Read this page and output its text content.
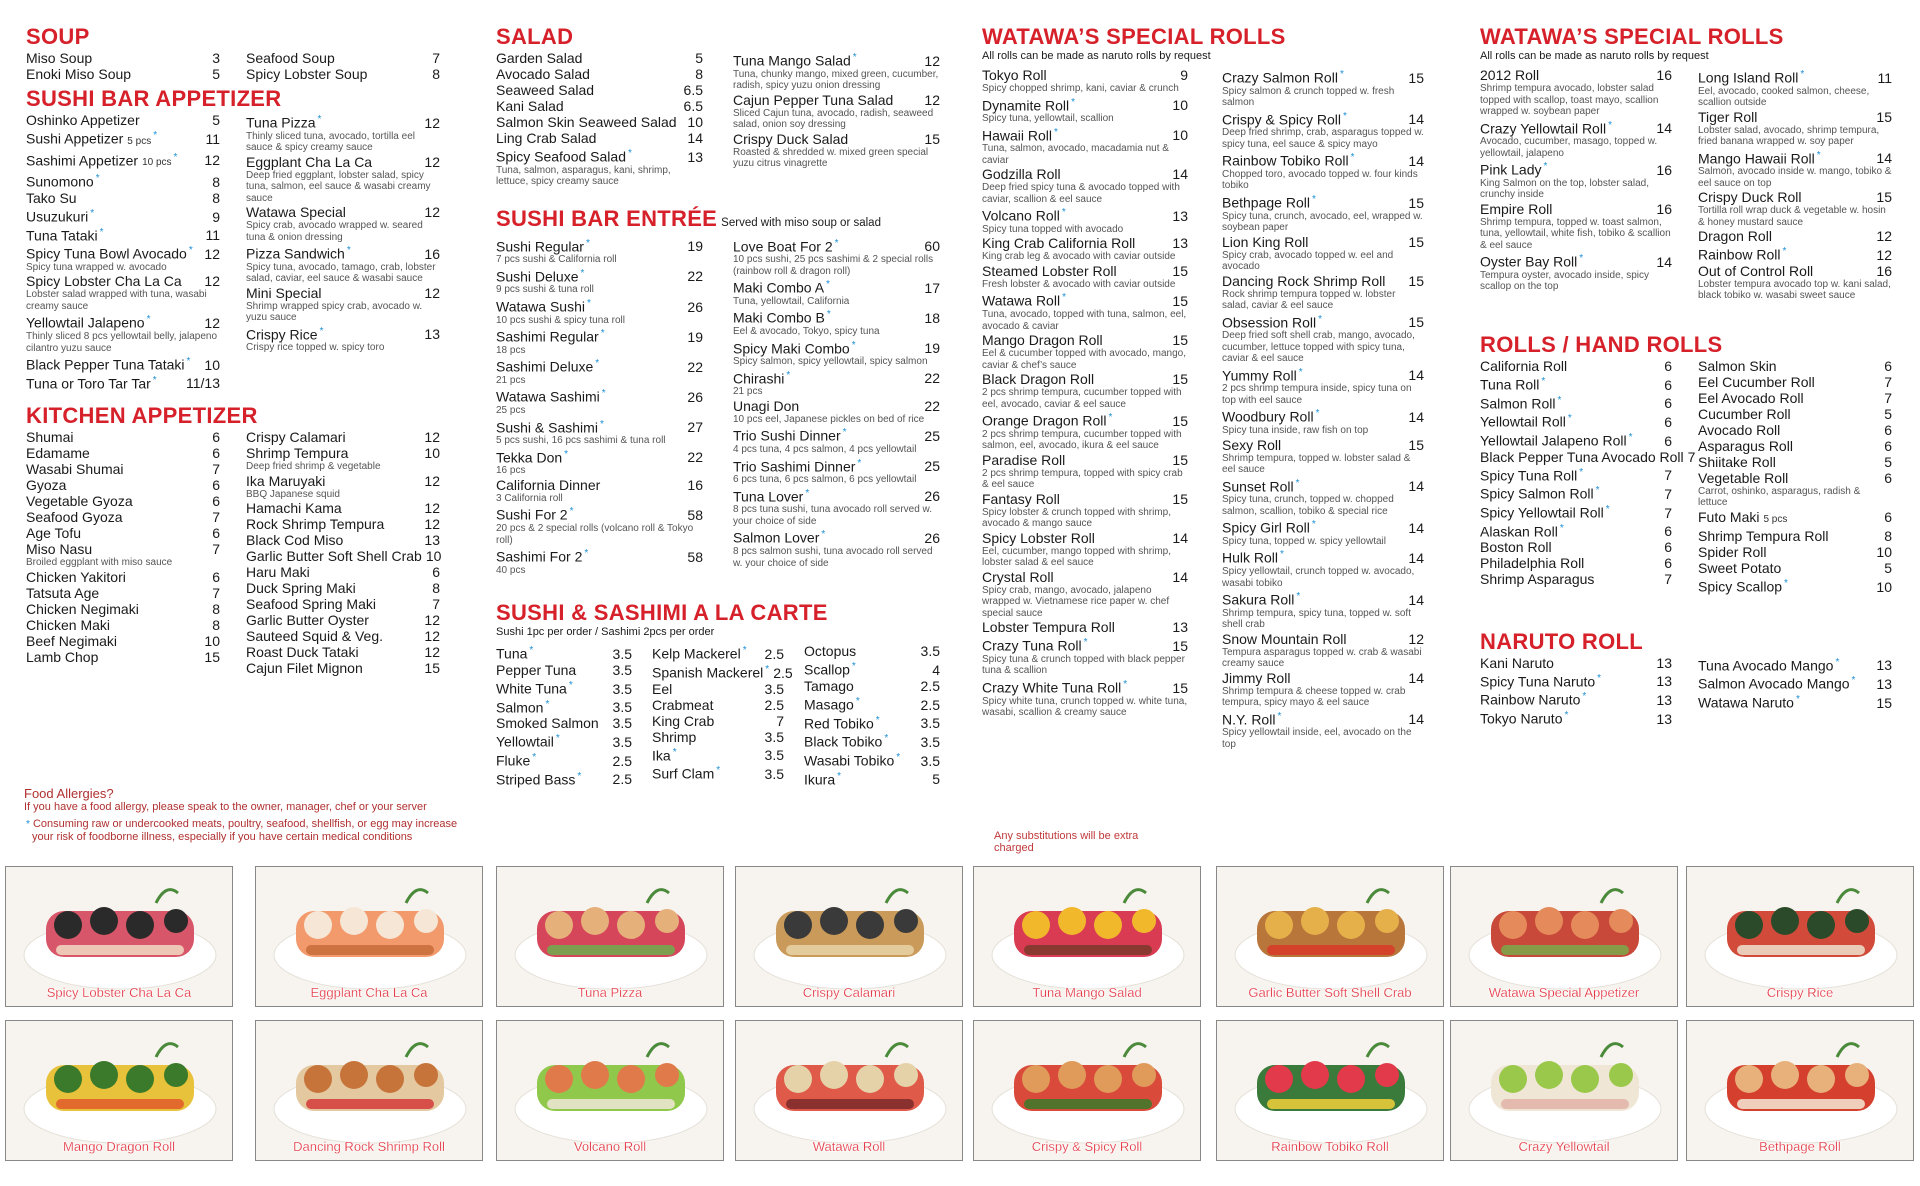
SOUP
Miso Soup	3
Enoki Miso Soup	5
Seafood Soup	7
Spicy Lobster Soup	8
SUSHI BAR APPETIZER
Oshinko Appetizer	5
Sushi Appetizer 5 pcs*	11
Sashimi Appetizer 10 pcs* 12
Sunomono *	8
Tako Su	8
Usuzukuri *	9
Tuna Tataki *	11
Spicy Tuna Bowl Avocado * 12
Spicy tuna wrapped w. avocado
Spicy Lobster Cha La Ca 12
Lobster salad wrapped with tuna, wasabi creamy sauce
Yellowtail Jalapeno *	12
Thinly sliced 8 pcs yellowtail belly, jalapeno cilantro yuzu sauce
Black Pepper Tuna Tataki * 10
Tuna or Toro Tar Tar * 11/13
Tuna Pizza *	12
Thinly sliced tuna, avocado, tortilla eel sauce & spicy creamy sauce
Eggplant Cha La Ca	12
Deep fried eggplant, lobster salad, spicy tuna, salmon, eel sauce & wasabi creamy sauce
Watawa Special	12
Spicy crab, avocado wrapped w. seared tuna & onion dressing
Pizza Sandwich *	16
Spicy tuna, avocado, tamago, crab, lobster salad, caviar, eel sauce & wasabi sauce
Mini Special	12
Shrimp wrapped spicy crab, avocado w. yuzu sauce
Crispy Rice *	13
Crispy rice topped w. spicy toro
KITCHEN APPETIZER
Shumai	6
Edamame	6
Wasabi Shumai	7
Gyoza	6
Vegetable Gyoza	6
Seafood Gyoza	7
Age Tofu	6
Miso Nasu	7
Broiled eggplant with miso sauce
Chicken Yakitori	6
Tatsuta Age	7
Chicken Negimaki	8
Chicken Maki	8
Beef Negimaki	10
Lamb Chop	15
Crispy Calamari	12
Shrimp Tempura	10
Deep fried shrimp & vegetable
Ika Maruyaki	12
BBQ Japanese squid
Hamachi Kama	12
Rock Shrimp Tempura	12
Black Cod Miso	13
Garlic Butter Soft Shell Crab 10
Haru Maki	6
Duck Spring Maki	8
Seafood Spring Maki	7
Garlic Butter Oyster	12
Sauteed Squid & Veg.	12
Roast Duck Tataki	12
Cajun Filet Mignon	15
Food Allergies?
If you have a food allergy, please speak to the owner, manager, chef or your server
* Consuming raw or undercooked meats, poultry, seafood, shellfish, or egg may increase
your risk of foodborne illness, especially if you have certain medical conditions
SALAD
Garden Salad	5
Avocado Salad	8
Seaweed Salad	6.5
Kani Salad	6.5
Salmon Skin Seaweed Salad 10
Ling Crab Salad	14
Spicy Seafood Salad *	13
Tuna, salmon, asparagus, kani, shrimp, lettuce, spicy creamy sauce
Tuna Mango Salad *	12
Tuna, chunky mango, mixed green, cucumber, radish, spicy yuzu onion dressing
Cajun Pepper Tuna Salad 12
Sliced Cajun tuna, avocado, radish, seaweed salad, onion soy dressing
Crispy Duck Salad	15
Roasted & shredded w. mixed green special yuzu citrus vinagrette
SUSHI BAR ENTRÉE Served with miso soup or salad
Sushi Regular *	19
7 pcs sushi & California roll
Sushi Deluxe *	22
9 pcs sushi & tuna roll
Watawa Sushi *	26
10 pcs sushi & spicy tuna roll
Sashimi Regular *	19
18 pcs
Sashimi Deluxe *	22
21 pcs
Watawa Sashimi *	26
25 pcs
Sushi & Sashimi *	27
5 pcs sushi, 16 pcs sashimi & tuna roll
Tekka Don *	22
16 pcs
California Dinner	16
3 California roll
Sushi For 2 *	58
20 pcs & 2 special rolls (volcano roll & Tokyo roll)
Sashimi For 2 *	58
40 pcs
Love Boat For 2 *	60
10 pcs sushi, 25 pcs sashimi & 2 special rolls (rainbow roll & dragon roll)
Maki Combo A *	17
Tuna, yellowtail, California
Maki Combo B *	18
Eel & avocado, Tokyo, spicy tuna
Spicy Maki Combo *	19
Spicy salmon, spicy yellowtail, spicy salmon
Chirashi *	22
21 pcs
Unagi Don	22
10 pcs eel, Japanese pickles on bed of rice
Trio Sushi Dinner *	25
4 pcs tuna, 4 pcs salmon, 4 pcs yellowtail
Trio Sashimi Dinner *	25
6 pcs tuna, 6 pcs salmon, 6 pcs yellowtail
Tuna Lover *	26
8 pcs tuna sushi, tuna avocado roll served w. your choice of side
Salmon Lover *	26
8 pcs salmon sushi, tuna avocado roll served w. your choice of side
SUSHI & SASHIMI A LA CARTE
Sushi 1pc per order / Sashimi 2pcs per order
Tuna *	3.5
Pepper Tuna	3.5
White Tuna *	3.5
Salmon *	3.5
Smoked Salmon 3.5
Yellowtail *	3.5
Fluke *	2.5
Striped Bass * 2.5
Kelp Mackerel * 2.5
Spanish Mackerel * 2.5
Eel	3.5
Crabmeat	2.5
King Crab	7
Shrimp	3.5
Ika *	3.5
Surf Clam *	3.5
Octopus	3.5
Scallop *	4
Tamago	2.5
Masago *	2.5
Red Tobiko *	3.5
Black Tobiko * 3.5
Wasabi Tobiko * 3.5
Ikura *	5
WATAWA’S SPECIAL ROLLS
All rolls can be made as naruto rolls by request
Tokyo Roll	9
Spicy chopped shrimp, kani, caviar & crunch
Dynamite Roll *	10
Spicy tuna, yellowtail, scallion
Hawaii Roll *	10
Tuna, salmon, avocado, macadamia nut & caviar
Godzilla Roll	14
Deep fried spicy tuna & avocado topped with caviar, scallion & eel sauce
Volcano Roll *	13
Spicy tuna topped with avocado
King Crab California Roll	13
King crab leg & avocado with caviar outside
Steamed Lobster Roll	15
Fresh lobster & avocado with caviar outside
Watawa Roll *	15
Tuna, avocado, topped with tuna, salmon, eel, avocado & caviar
Mango Dragon Roll	15
Eel & cucumber topped with avocado, mango, caviar & chef’s sauce
Black Dragon Roll	15
2 pcs shrimp tempura, cucumber topped with eel, avocado, caviar & eel sauce
Orange Dragon Roll *	15
2 pcs shrimp tempura, cucumber topped with salmon, eel, avocado, ikura & eel sauce
Paradise Roll	15
2 pcs shrimp tempura, topped with spicy crab & eel sauce
Fantasy Roll	15
Spicy lobster & crunch topped with shrimp, avocado & mango sauce
Spicy Lobster Roll	14
Eel, cucumber, mango topped with shrimp, lobster salad & eel sauce
Crystal Roll	14
Spicy crab, mango, avocado, jalapeno wrapped w. Vietnamese rice paper w. chef special sauce
Lobster Tempura Roll	13
Crazy Tuna Roll *	15
Spicy tuna & crunch topped with black pepper tuna & scallion
Crazy White Tuna Roll *	15
Spicy white tuna, crunch topped w. white tuna, wasabi, scallion & creamy sauce
Crazy Salmon Roll *	15
Spicy salmon & crunch topped w. fresh salmon
Crispy & Spicy Roll *	14
Deep fried shrimp, crab, asparagus topped w. spicy tuna, eel sauce & spicy mayo
Rainbow Tobiko Roll *	14
Chopped toro, avocado topped w. four kinds tobiko
Bethpage Roll *	15
Spicy tuna, crunch, avocado, eel, wrapped w. soybean paper
Lion King Roll	15
Spicy crab, avocado topped w. eel and avocado
Dancing Rock Shrimp Roll 15
Rock shrimp tempura topped w. lobster salad, caviar & eel sauce
Obsession Roll *	15
Deep fried soft shell crab, mango, avocado, cucumber, lettuce topped with spicy tuna, caviar & eel sauce
Yummy Roll *	14
2 pcs shrimp tempura inside, spicy tuna on top with eel sauce
Woodbury Roll *	14
Spicy tuna inside, raw fish on top
Sexy Roll	15
Shrimp tempura, topped w. lobster salad & eel sauce
Sunset Roll *	14
Spicy tuna, crunch, topped w. chopped salmon, scallion, tobiko & special rice
Spicy Girl Roll *	14
Spicy tuna, topped w. spicy yellowtail
Hulk Roll *	14
Spicy yellowtail, crunch topped w. avocado, wasabi tobiko
Sakura Roll *	14
Shrimp tempura, spicy tuna, topped w. soft shell crab
Snow Mountain Roll	12
Tempura asparagus topped w. crab & wasabi creamy sauce
Jimmy Roll	14
Shrimp tempura & cheese topped w. crab tempura, spicy mayo & eel sauce
N.Y. Roll *	14
Spicy yellowtail inside, eel, avocado on the top
Any substitutions will be extra charged
WATAWA’S SPECIAL ROLLS
All rolls can be made as naruto rolls by request
2012 Roll	16
Shrimp tempura avocado, lobster salad topped with scallop, toast mayo, scallion wrapped w. soybean paper
Crazy Yellowtail Roll *	14
Avocado, cucumber, masago, topped w. yellowtail, jalapeno
Pink Lady *	16
King Salmon on the top, lobster salad, crunchy inside
Empire Roll	16
Shrimp tempura, topped w. toast salmon, tuna, yellowtail, white fish, tobiko & scallion & eel sauce
Oyster Bay Roll *	14
Tempura oyster, avocado inside, spicy scallop on the top
Long Island Roll *	11
Eel, avocado, cooked salmon, cheese, scallion outside
Tiger Roll	15
Lobster salad, avocado, shrimp tempura, fried banana wrapped w. soy paper
Mango Hawaii Roll *	14
Salmon, avocado inside w. mango, tobiko & eel sauce on top
Crispy Duck Roll	15
Tortilla roll wrap duck & vegetable w. hosin & honey mustard sauce
Dragon Roll	12
Rainbow Roll *	12
Out of Control Roll	16
Lobster tempura avocado top w. kani salad, black tobiko w. wasabi sweet sauce
ROLLS / HAND ROLLS
California Roll	6
Tuna Roll *	6
Salmon Roll *	6
Yellowtail Roll *	6
Yellowtail Jalapeno Roll * 6
Black Pepper Tuna Avocado Roll 7
Spicy Tuna Roll *	7
Spicy Salmon Roll *	7
Spicy Yellowtail Roll *	7
Alaskan Roll *	6
Boston Roll	6
Philadelphia Roll	6
Shrimp Asparagus	7
Salmon Skin	6
Eel Cucumber Roll	7
Eel Avocado Roll	7
Cucumber Roll	5
Avocado Roll	6
Asparagus Roll	6
Shiitake Roll	5
Vegetable Roll	6
Carrot, oshinko, asparagus, radish & lettuce
Futo Maki 5 pcs	6
Shrimp Tempura Roll	8
Spider Roll	10
Sweet Potato	5
Spicy Scallop *	10
NARUTO ROLL
Kani Naruto	13
Spicy Tuna Naruto *	13
Rainbow Naruto *	13
Tokyo Naruto *	13
Tuna Avocado Mango *	13
Salmon Avocado Mango * 13
Watawa Naruto *	15
Spicy Lobster Cha La Ca	Eggplant Cha La Ca	Tuna Pizza	Crispy Calamari	Tuna Mango Salad	Garlic Butter Soft Shell Crab	Watawa Special Appetizer	Crispy Rice
Mango Dragon Roll	Dancing Rock Shrimp Roll	Volcano Roll	Watawa Roll	Crispy & Spicy Roll	Rainbow Tobiko Roll	Crazy Yellowtail	Bethpage Roll
